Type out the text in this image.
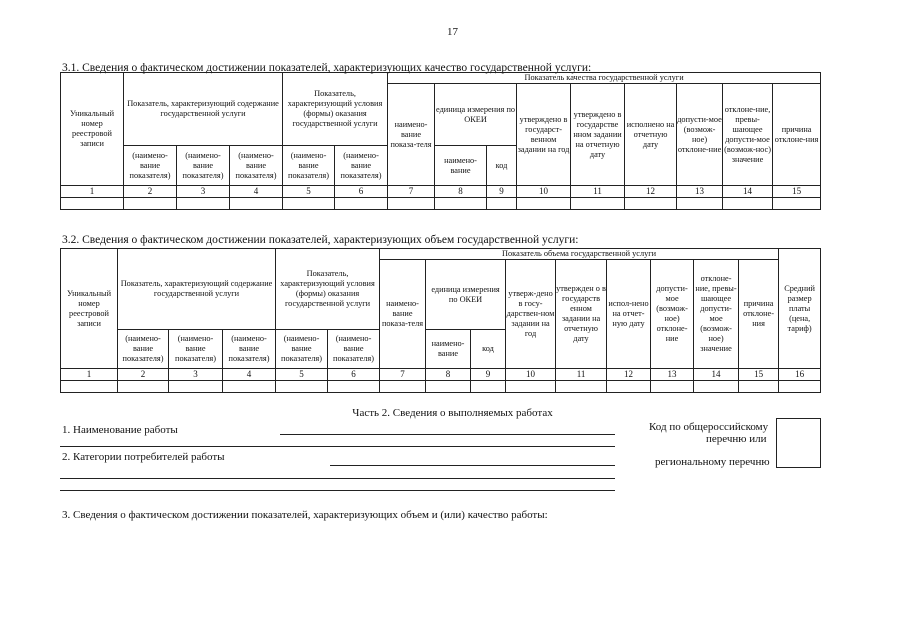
17
3.1. Сведения о фактическом достижении показателей, характеризующих качество государственной услуги:
Уникальный номер реестровой записи	Показатель, характеризующий содержание государственной услуги			Показатель, характеризующий условия (формы) оказания государственной услуги		Показатель качества государственной услуги								
						наимено-вание показа-теля	единица измерения по ОКЕИ		утверждено в государст-венном задании на год	утверждено в государстве нном задании на отчетную дату	исполнено на отчетную дату	допусти-мое (возмож-ное) отклоне-ние	отклоне-ние, превы-шающее допусти-мое (возмож-нос) значение	причина отклоне-ния
	(наимено-вание показателя)	(наимено-вание показателя)	(наимено-вание показателя)	(наимено-вание показателя)	(наимено-вание показателя)		наимено-вание	код						
1	2	3	4	5	6	7	8	9	10	11	12	13	14	15

3.2. Сведения о фактическом достижении показателей, характеризующих объем государственной услуги:
Уникальный номер реестровой записи	Показатель, характеризующий содержание государственной услуги			Показатель, характеризующий условия (формы) оказания государственной услуги		Показатель объема государственной услуги									Средний размер платы (цена, тариф)
						наимено-вание показа-теля	единица измерения по ОКЕИ		утверж-дено в госу-дарствен-ном задании на год	утвержден о в государств енном задании на отчетную дату	испол-нено на отчет-ную дату	допусти-мое (возмож-ное) отклоне-ние	отклоне-ние, превы-шающее допусти-мое (возмож-ное) значение	причина отклоне-ния	
	(наимено-вание показателя)	(наимено-вание показателя)	(наимено-вание показателя)	(наимено-вание показателя)	(наимено-вание показателя)		наимено-вание	код							
1	2	3	4	5	6	7	8	9	10	11	12	13	14	15	16

Часть 2. Сведения о выполняемых работах
1. Наименование работы
2. Категории потребителей работы
Код по общероссийскому
перечню или
региональному перечню
3. Сведения о фактическом достижении показателей, характеризующих объем и (или) качество работы:
